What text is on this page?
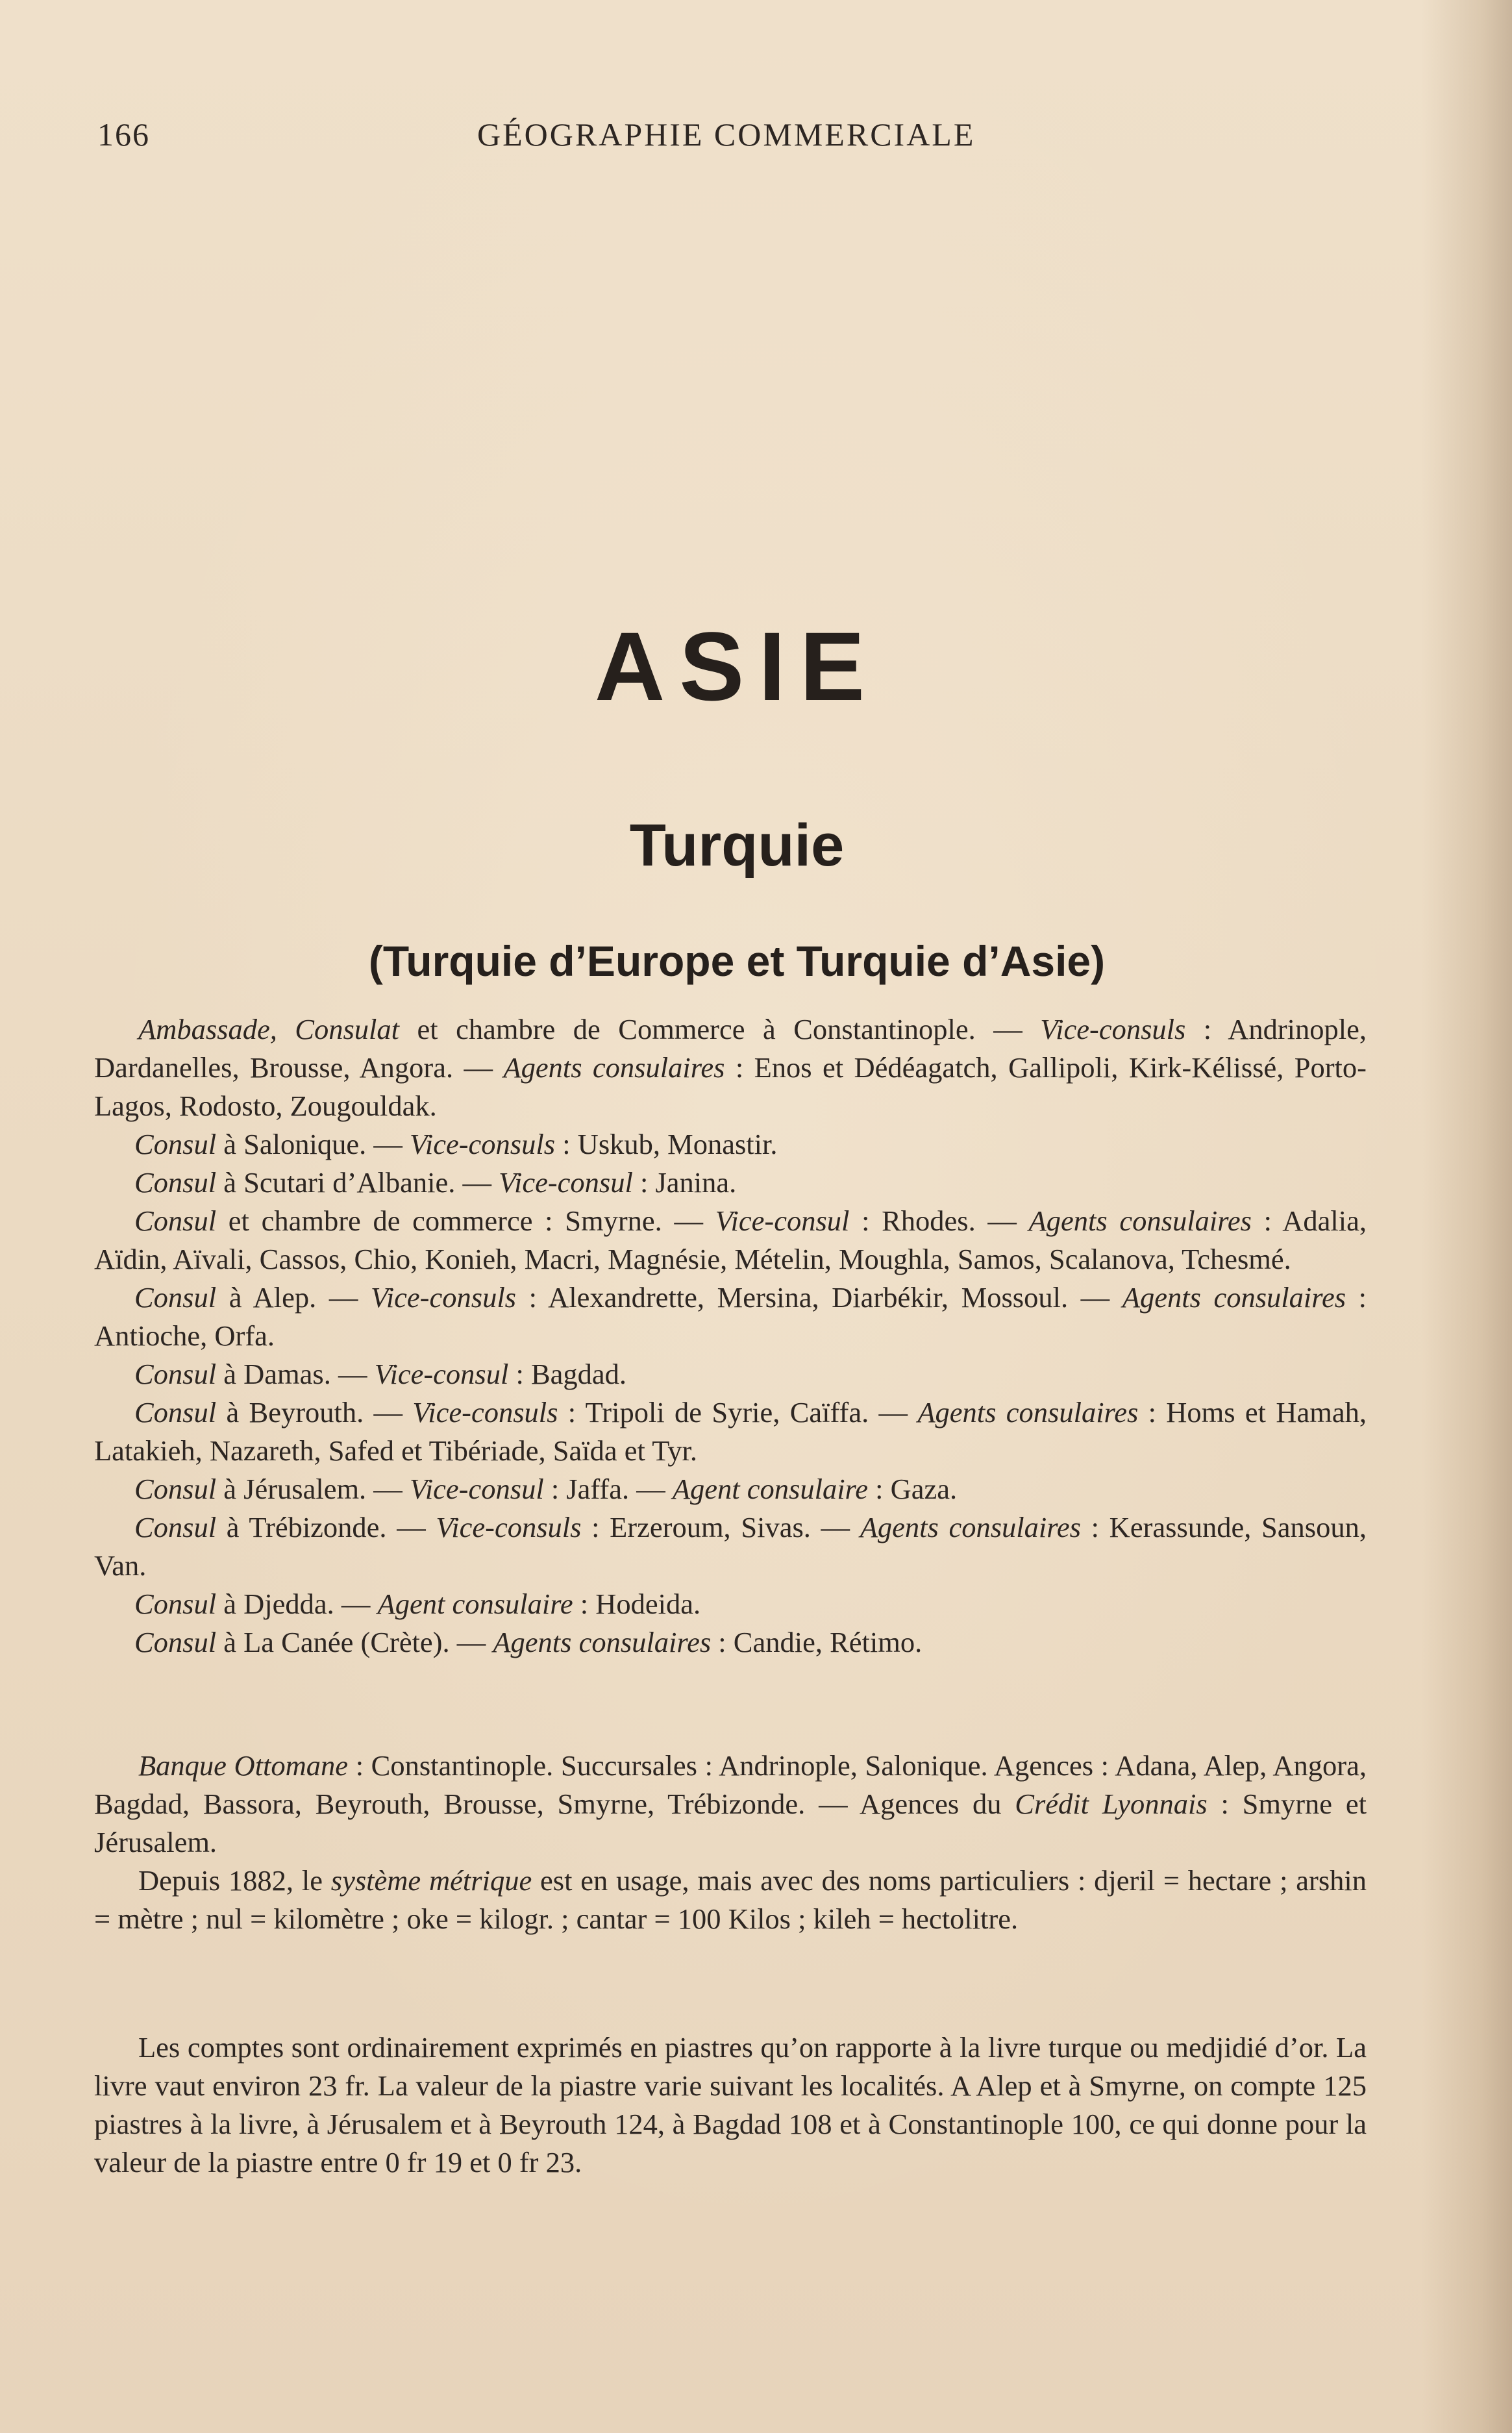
166	GÉOGRAPHIE COMMERCIALE
ASIE
Turquie
(Turquie d’Europe et Turquie d’Asie)

Ambassade, Consulat et chambre de Commerce à Constantinople. — Vice-consuls : Andrinople, Dardanelles, Brousse, Angora. — Agents consulaires : Enos et Dédéagatch, Gallipoli, Kirk-Kélissé, Porto-Lagos, Rodosto, Zougouldak.

Consul à Salonique. — Vice-consuls : Uskub, Monastir.

Consul à Scutari d’Albanie. — Vice-consul : Janina.

Consul et chambre de commerce : Smyrne. — Vice-consul : Rhodes. — Agents consulaires : Adalia, Aïdin, Aïvali, Cassos, Chio, Konieh, Macri, Magnésie, Mételin, Moughla, Samos, Scalanova, Tchesmé.

Consul à Alep. — Vice-consuls : Alexandrette, Mersina, Diarbékir, Mossoul. — Agents consulaires : Antioche, Orfa.

Consul à Damas. — Vice-consul : Bagdad.

Consul à Beyrouth. — Vice-consuls : Tripoli de Syrie, Caïffa. — Agents consulaires : Homs et Hamah, Latakieh, Nazareth, Safed et Tibériade, Saïda et Tyr.

Consul à Jérusalem. — Vice-consul : Jaffa. — Agent consulaire : Gaza.

Consul à Trébizonde. — Vice-consuls : Erzeroum, Sivas. — Agents consulaires : Kerassunde, Sansoun, Van.

Consul à Djedda. — Agent consulaire : Hodeida.

Consul à La Canée (Crète). — Agents consulaires : Candie, Rétimo.

Banque Ottomane : Constantinople. Succursales : Andrinople, Salonique. Agences : Adana, Alep, Angora, Bagdad, Bassora, Beyrouth, Brousse, Smyrne, Trébizonde. — Agences du Crédit Lyonnais : Smyrne et Jérusalem.

Depuis 1882, le système métrique est en usage, mais avec des noms particuliers : djeril = hectare ; arshin = mètre ; nul = kilomètre ; oke = kilogr. ; cantar = 100 Kilos ; kileh = hectolitre.

Les comptes sont ordinairement exprimés en piastres qu’on rapporte à la livre turque ou medjidié d’or. La livre vaut environ 23 fr. La valeur de la piastre varie suivant les localités. A Alep et à Smyrne, on compte 125 piastres à la livre, à Jérusalem et à Beyrouth 124, à Bagdad 108 et à Constantinople 100, ce qui donne pour la valeur de la piastre entre 0 fr 19 et 0 fr 23.
